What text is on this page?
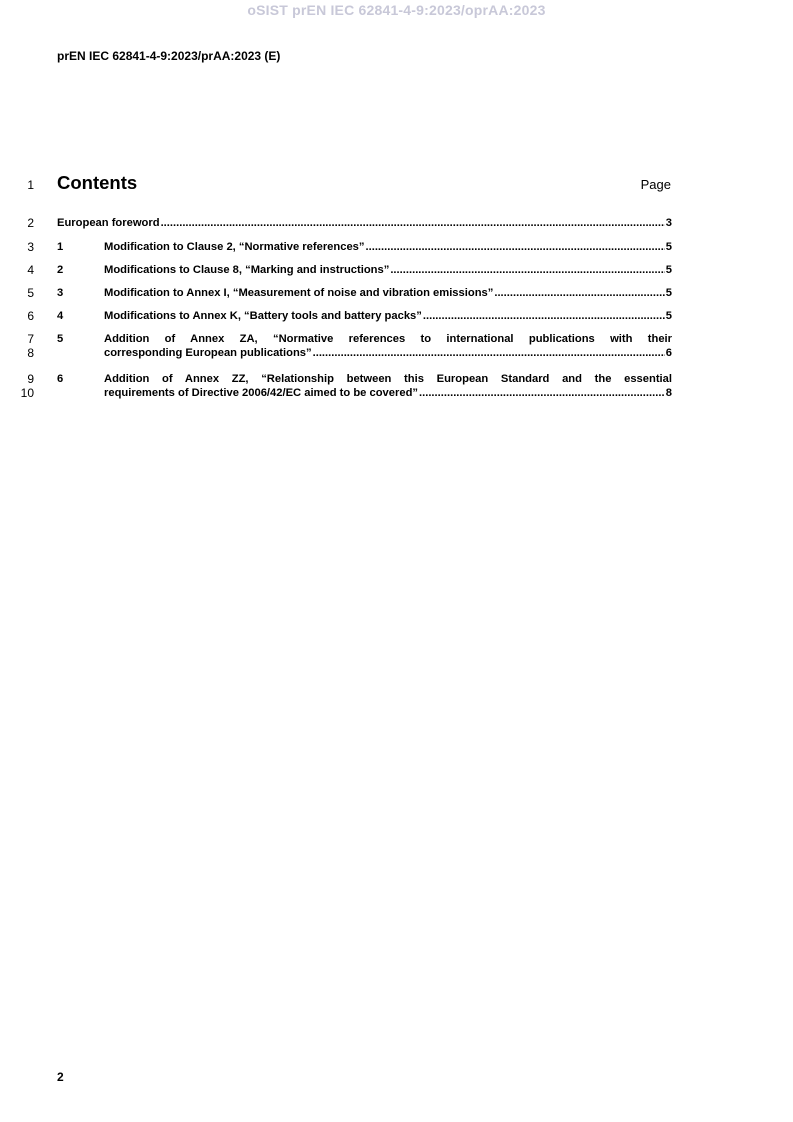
oSIST prEN IEC 62841-4-9:2023/oprAA:2023
prEN IEC 62841-4-9:2023/prAA:2023 (E)
1
2
3
4
5
6
7
8
9
10
Contents	Page
European foreword .....	3
1	Modification to Clause 2, “Normative references” .....	5
2	Modifications to Clause 8, “Marking and instructions” .....	5
3	Modification to Annex I, “Measurement of noise and vibration emissions” .....	5
4	Modifications to Annex K, “Battery tools and battery packs” .....	5
5	Addition of Annex ZA, “Normative references to international publications with their
corresponding European publications” .....	6
6	Addition of Annex ZZ, “Relationship between this European Standard and the essential
requirements of Directive 2006/42/EC aimed to be covered” .....	8
2
